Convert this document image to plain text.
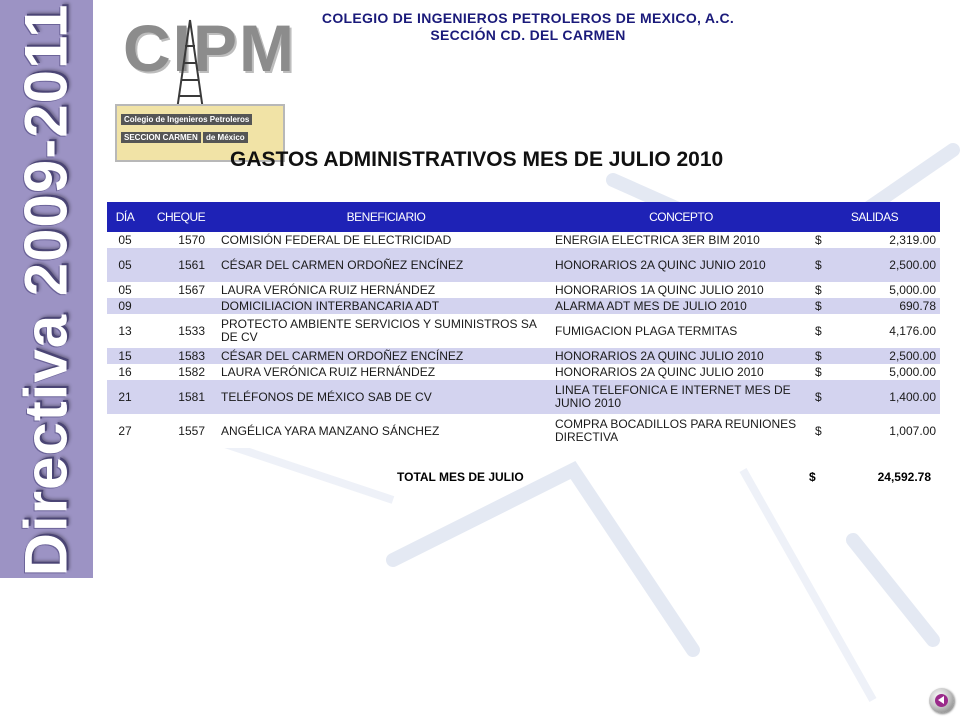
Directiva 2009-2011 CIPM
Colegio de Ingenieros Petroleros
SECCION CARMEN	de México
COLEGIO DE INGENIEROS PETROLEROS DE MEXICO, A.C.
SECCIÓN CD. DEL CARMEN
GASTOS ADMINISTRATIVOS MES DE JULIO 2010
DÍA	CHEQUE	BENEFICIARIO	CONCEPTO	SALIDAS	
05	1570	COMISIÓN FEDERAL DE ELECTRICIDAD	ENERGIA ELECTRICA 3ER BIM 2010	$	2,319.00
05	1561	CÉSAR DEL CARMEN ORDOÑEZ ENCÍNEZ	HONORARIOS 2A QUINC JUNIO 2010	$	2,500.00
05	1567	LAURA VERÓNICA RUIZ HERNÁNDEZ	HONORARIOS 1A QUINC JULIO 2010	$	5,000.00
09		DOMICILIACION INTERBANCARIA ADT	ALARMA ADT MES DE JULIO 2010	$	690.78
13	1533	PROTECTO AMBIENTE SERVICIOS Y SUMINISTROS SA DE CV	FUMIGACION PLAGA TERMITAS	$	4,176.00
15	1583	CÉSAR DEL CARMEN ORDOÑEZ ENCÍNEZ	HONORARIOS 2A QUINC JULIO 2010	$	2,500.00
16	1582	LAURA VERÓNICA RUIZ HERNÁNDEZ	HONORARIOS 2A QUINC JULIO 2010	$	5,000.00
21	1581	TELÉFONOS DE MÉXICO SAB DE CV	LINEA TELEFONICA E INTERNET MES DE JUNIO 2010	$	1,400.00
27	1557	ANGÉLICA YARA MANZANO SÁNCHEZ	COMPRA BOCADILLOS PARA REUNIONES DIRECTIVA	$	1,007.00
TOTAL MES DE JULIO	$	24,592.78
